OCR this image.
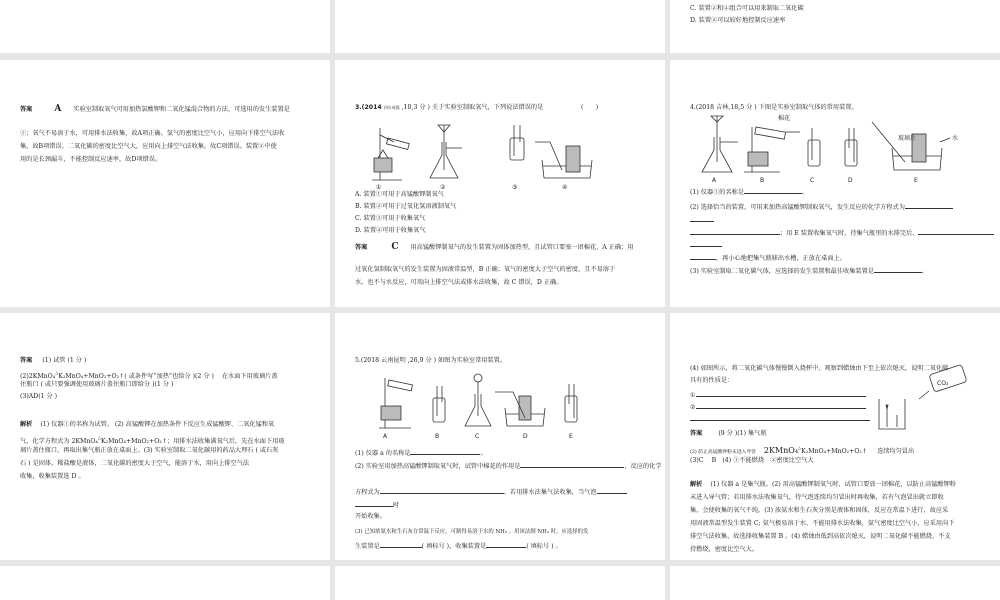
C. 装置②和④组合可以用来制取二氧化碳
D. 装置②可以较好地控制反应速率
答案 A 实验室制取氧气可用加热氯酸钾和二氧化锰混合物的方法，可选用的发生装置是
①；氧气不易溶于水，可用排水法收集，故A项正确。氢气的密度比空气小，应用向下排空气法收
集，故B项错误。二氧化碳的密度比空气大，应用向上排空气法收集，故C项错误。装置②中使
用的是长颈漏斗，不能控制反应速率，故D项错误。
3.(2014 四川成都 ,10,3 分 ) 关于实验室制取氧气，下列说法错误的是	(　　)
①	②	③	④
A. 装置①可用于高锰酸钾制氧气
B. 装置②可用于过氧化氢溶液制氧气
C. 装置③可用于收集氧气
D. 装置④可用于收集氧气
答案	C 用高锰酸钾制氧气的发生装置为固体加热型，且试管口要塞一团棉花，A 正确；用
过氧化氢制取氧气的发生装置为固液常温型，B 正确；氧气的密度大于空气的密度，且不易溶于
水，也不与水反应，可用向上排空气法或排水法收集，故 C 错误，D 正确。
4.(2018 吉林,18,5 分 ) 下图是实验室制取气体的常用装置。
玻璃片	水
棉花
A	B	C	D	E
(1) 仪器①的名称是	。
(2) 选择恰当的装置，可用来加热高锰酸钾制取氧气，发生反应的化学方程式为
；用 E 装置收集氧气时，待集气瓶里的水排完后，
，再小心地把集气瓶移出水槽，正放在桌面上。
(3) 实验室制取二氧化碳气体，应选择的发生装置和最佳收集装置是	。
答案 (1) 试管 (1 分 )
(2)2KMnO₄△K₂MnO₄+MnO₂+O₂↑( 或条件写“加热”也给分 )(2 分 ) 在水面下用玻璃片盖
住瓶口 ( 或只要强调使用玻璃片盖住瓶口即给分 )(1 分 )
(3)AD(1 分 )
解析 (1) 仪器①的名称为试管。 (2) 高锰酸钾在加热条件下反应生成锰酸钾、二氧化锰和氧
气，化学方程式为 2KMnO₄△K₂MnO₄+MnO₂+O₂↑；用排水法收集满氧气后，先在水面下用玻
璃片盖住瓶口，再取出集气瓶正放在桌面上。(3) 实验室制取二氧化碳用的药品大理石 ( 或石灰
石 ) 是固体，稀盐酸是液体，二氧化碳的密度大于空气，能溶于水，用向上排空气法
收集，收集装置选 D 。
5.(2018 云南昆明 ,26,9 分 ) 如图为实验室常用装置。
A	B	C	D	E
(1) 仪器 a 的名称是	。
(2) 实验室用加热高锰酸钾制取氧气时，试管中棉花的作用是	，反应的化学
方程式为	。若用排水法集气法收集，当气泡
时
开始收集。
(3) 已知浓氨水和生石灰在常温下反应，可制得易溶于水的 NH₃ 。用该法制 NH₃ 时，应选择的发
生装置是	( 填标号 )，收集装置是	( 填标号 ) 。
(4) 如图所示，将二氧化碳气体慢慢倒入烧杯中，观察到蜡烛由下至上依次熄灭，说明二氧化碳
具有的性质是：
①
②
CO₂
答案	(9 分 )(1) 集气瓶
(2) 防止高锰酸钾粉末进入导管 2KMnO₄△K₂MnO₄+MnO₂+O₂↑ 连续均匀冒出
(3)C　 B　(4) ①不能燃烧　②密度比空气大
解析 (1) 仪器 a 是集气瓶。(2) 用高锰酸钾制氧气时，试管口要放一团棉花，以防止高锰酸钾粉
末进入导气管；若用排水法收集氧气，待气泡连续均匀冒出时再收集，若有气泡冒出就立即收
集，会使收集的氧气不纯。(3) 浓氨水和生石灰分别是液体和固体，反应在常温下进行，故应采
用固液常温型发生装置 C; 氨气极易溶于水，不能用排水法收集，氨气密度比空气小，应采用向下
排空气法收集，故选择收集装置 B 。(4) 蜡烛由低到高依次熄灭，说明二氧化碳不能燃烧、不支
持燃烧，密度比空气大。
